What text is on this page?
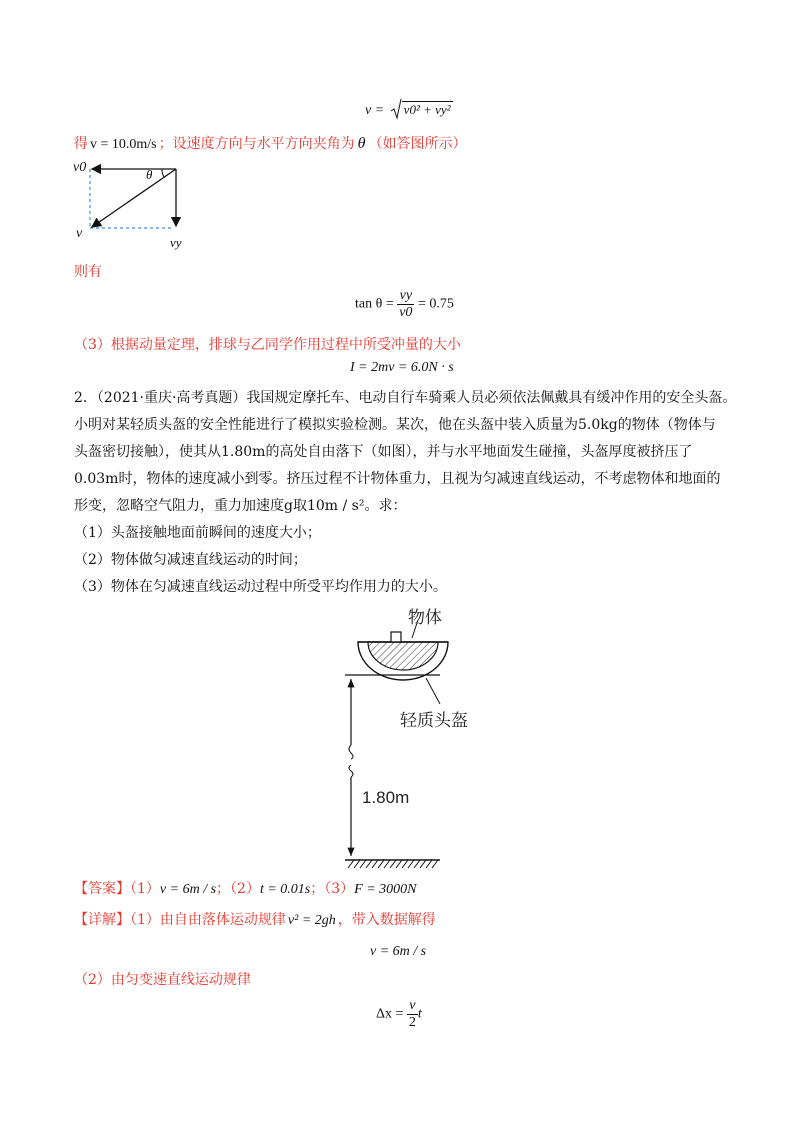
v = v0² + vy²
得 v = 10.0m/s ；设速度方向与水平方向夹角为 θ （如答图所示）
v0	θ
v
vy
则有
$\tan \theta = \frac{vy}{v0} = 0.75$
（3）根据动量定理，排球与乙同学作用过程中所受冲量的大小
I = 2mv = 6.0N · s
2．（2021·重庆·高考真题）我国规定摩托车、电动自行车骑乘人员必须依法佩戴具有缓冲作用的安全头盔。
小明对某轻质头盔的安全性能进行了模拟实验检测。某次，他在头盔中装入质量为5.0kg的物体（物体与
头盔密切接触），使其从1.80m的高处自由落下（如图），并与水平地面发生碰撞，头盔厚度被挤压了
0.03m时，物体的速度减小到零。挤压过程不计物体重力，且视为匀减速直线运动，不考虑物体和地面的
形变，忽略空气阻力，重力加速度g取10m / s²。求：
（1）头盔接触地面前瞬间的速度大小；
（2）物体做匀减速直线运动的时间；
（3）物体在匀减速直线运动过程中所受平均作用力的大小。
物体
轻质头盔
1.80m
【答案】（1）v = 6m / s；（2）t = 0.01s；（3）F = 3000N
【详解】（1）由自由落体运动规律 v² = 2gh ，带入数据解得
v = 6m / s
（2）由匀变速直线运动规律
$\Delta x = \frac{v}{2}$ t
